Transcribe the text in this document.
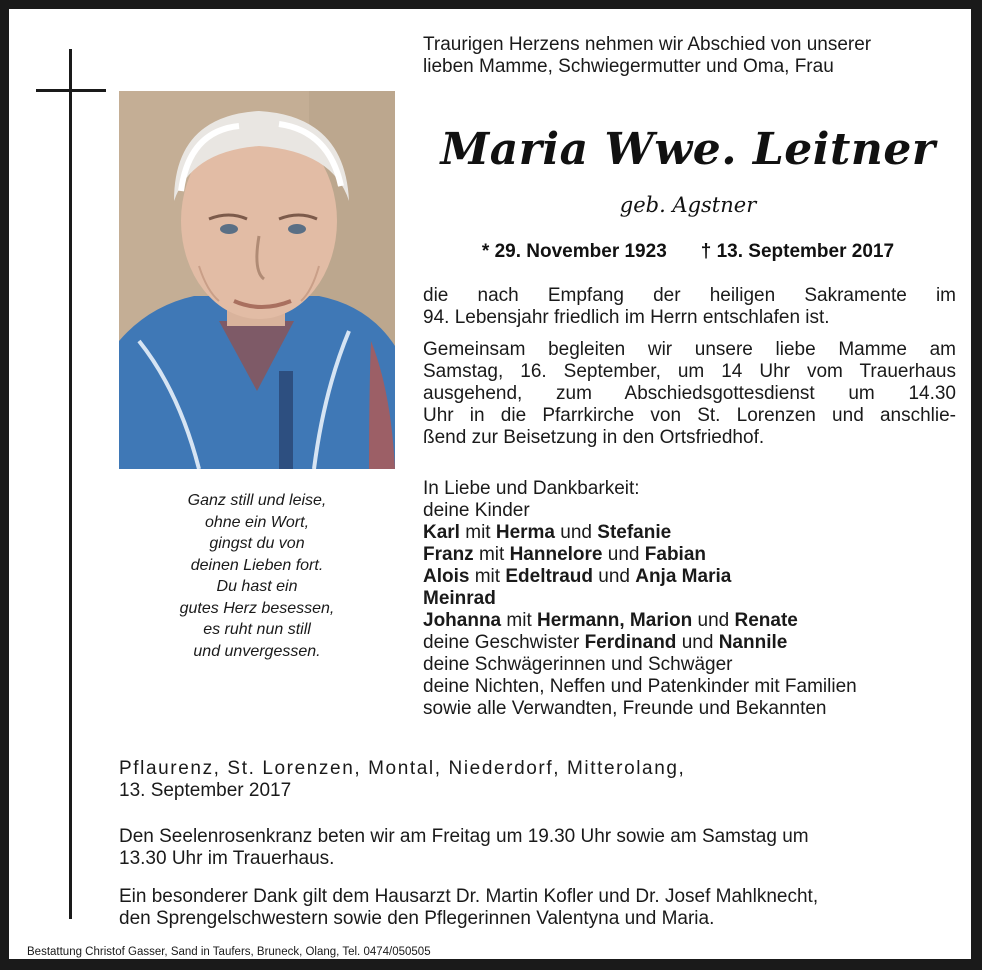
Ganz still und leise,
ohne ein Wort,
gingst du von
deinen Lieben fort.
Du hast ein
gutes Herz besessen,
es ruht nun still
und unvergessen.
Traurigen Herzens nehmen wir Abschied von unserer
lieben Mamme, Schwiegermutter und Oma, Frau
Maria Wwe. Leitner
geb. Agstner
* 29. November 1923 † 13. September 2017
die nach Empfang der heiligen Sakramente im
94. Lebensjahr friedlich im Herrn entschlafen ist.
Gemeinsam begleiten wir unsere liebe Mamme am
Samstag, 16. September, um 14 Uhr vom Trauerhaus
ausgehend, zum Abschiedsgottesdienst um 14.30
Uhr in die Pfarrkirche von St. Lorenzen und anschlie-
ßend zur Beisetzung in den Ortsfriedhof.
In Liebe und Dankbarkeit:
deine Kinder
Karl mit Herma und Stefanie
Franz mit Hannelore und Fabian
Alois mit Edeltraud und Anja Maria
Meinrad
Johanna mit Hermann, Marion und Renate
deine Geschwister Ferdinand und Nannile
deine Schwägerinnen und Schwäger
deine Nichten, Neffen und Patenkinder mit Familien
sowie alle Verwandten, Freunde und Bekannten
Pflaurenz, St. Lorenzen, Montal, Niederdorf, Mitterolang,
13. September 2017
Den Seelenrosenkranz beten wir am Freitag um 19.30 Uhr sowie am Samstag um
13.30 Uhr im Trauerhaus.
Ein besonderer Dank gilt dem Hausarzt Dr. Martin Kofler und Dr. Josef Mahlknecht,
den Sprengelschwestern sowie den Pflegerinnen Valentyna und Maria.
Bestattung Christof Gasser, Sand in Taufers, Bruneck, Olang, Tel. 0474/050505
